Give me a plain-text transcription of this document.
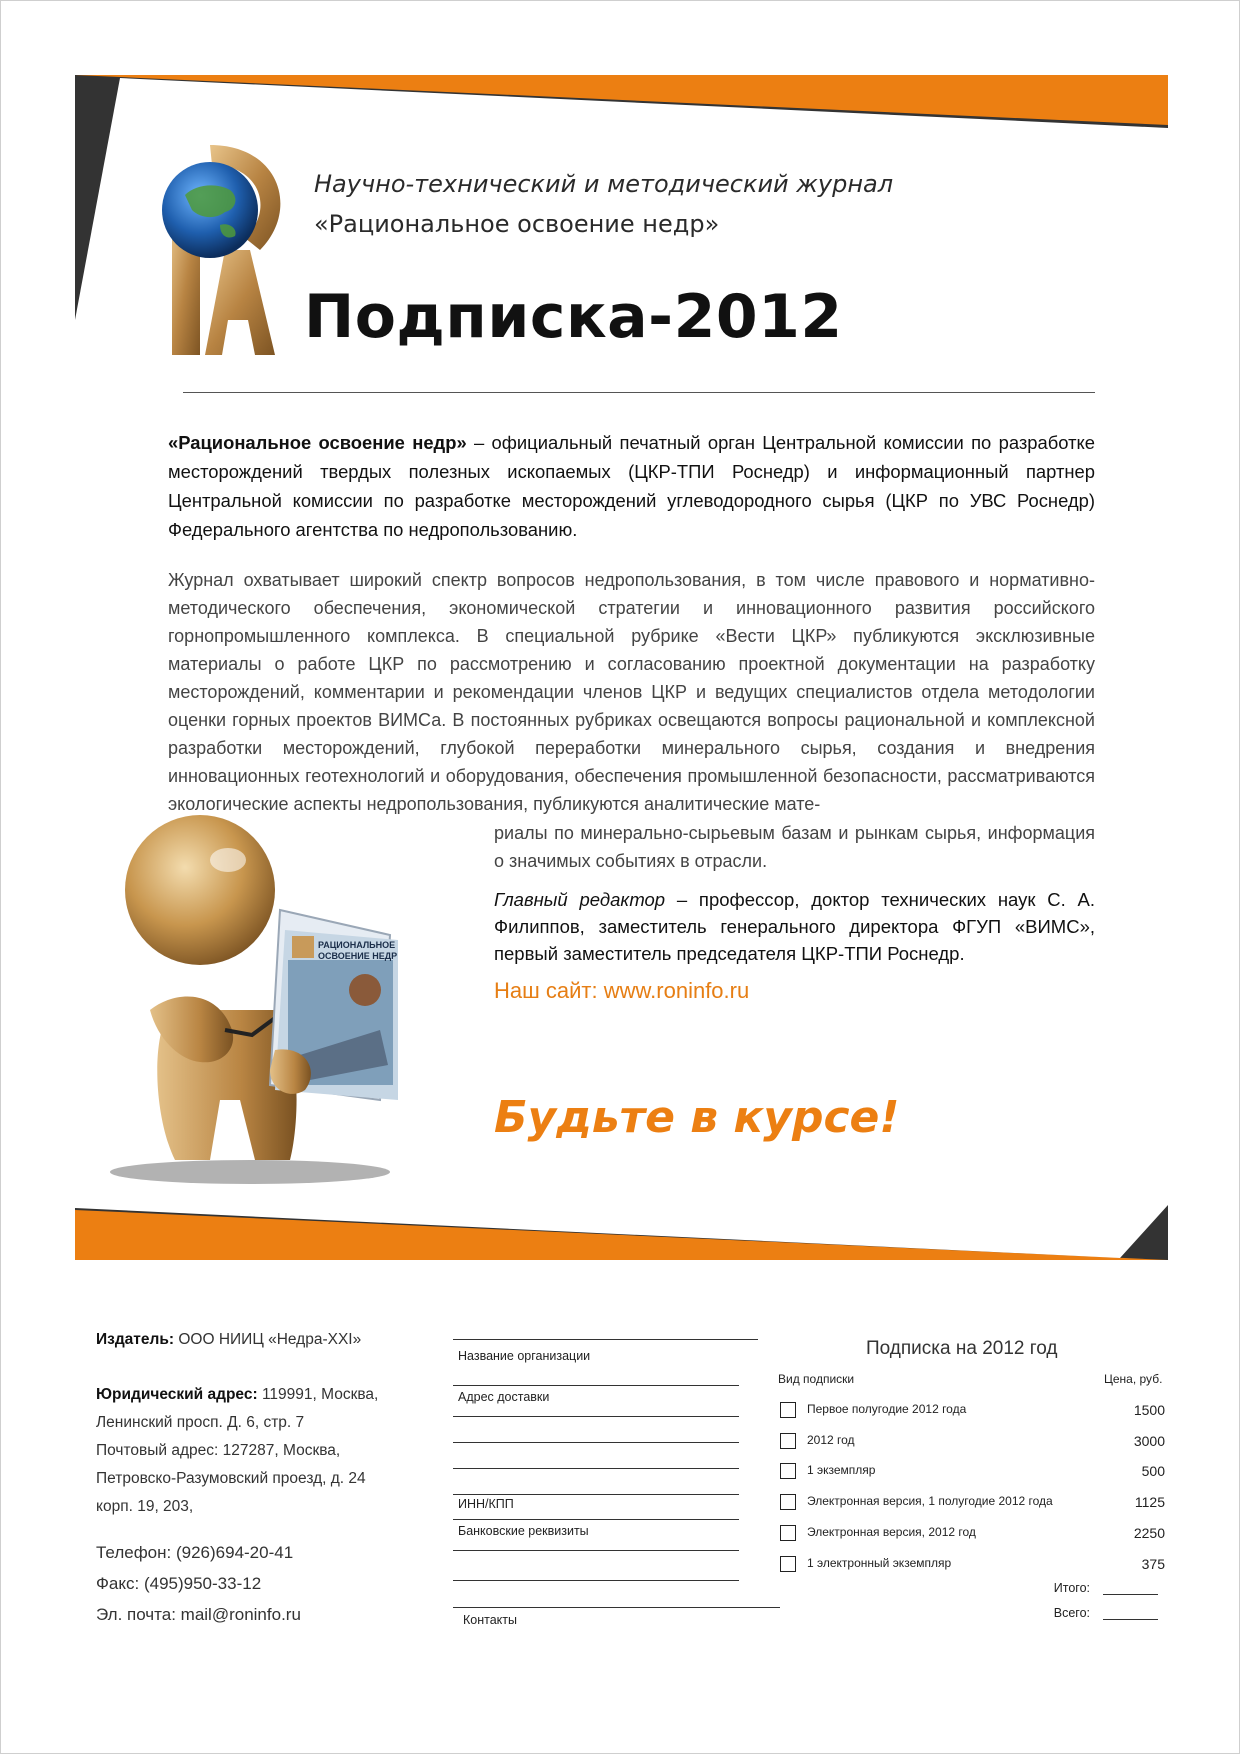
Научно-технический и методический журнал
«Рациональное освоение недр»
Подписка-2012
«Рациональное освоение недр» – официальный печатный орган Центральной комиссии по разработке месторождений твердых полезных ископаемых (ЦКР-ТПИ Роснедр) и информационный партнер Центральной комиссии по разработке месторождений углеводородного сырья (ЦКР по УВС Роснедр) Федерального агентства по недропользованию.
Журнал охватывает широкий спектр вопросов недропользования, в том числе правового и нормативно-методического обеспечения, экономической стратегии и инновационного развития российского горнопромышленного комплекса. В специальной рубрике «Вести ЦКР» публикуются эксклюзивные материалы о работе ЦКР по рассмотрению и согласованию проектной документации на разработку месторождений, комментарии и рекомендации членов ЦКР и ведущих специалистов отдела методологии оценки горных проектов ВИМСа. В постоянных рубриках освещаются вопросы рациональной и комплексной разработки месторождений, глубокой переработки минерального сырья, создания и внедрения инновационных геотехнологий и оборудования, обеспечения промышленной безопасности, рассматриваются экологические аспекты недропользования, публикуются аналитические мате-
риалы по минерально-сырьевым базам и рынкам сырья, информация о значимых событиях в отрасли.
Главный редактор – профессор, доктор технических наук С. А. Филиппов, заместитель генерального директора ФГУП «ВИМС», первый заместитель председателя ЦКР-ТПИ Роснедр.
Наш сайт: www.roninfo.ru
РАЦИОНАЛЬНОЕ
ОСВОЕНИЕ НЕДР
Будьте в курсе!
Издатель: ООО НИИЦ «Недра-XXI»
Юридический адрес: 119991, Москва,
Ленинский просп. Д. 6, стр. 7
Почтовый адрес: 127287, Москва,
Петровско-Разумовский проезд, д. 24
корп. 19, 203,
Телефон: (926)694-20-41
Факс: (495)950-33-12
Эл. почта: mail@roninfo.ru
Название организации
Адрес доставки
ИНН/КПП
Банковские реквизиты
Контакты
Подписка на 2012 год
Вид подписки	Цена, руб.
Первое полугодие 2012 года	1500
2012 год	3000
1 экземпляр	500
Электронная версия, 1 полугодие 2012 года	1125
Электронная версия, 2012 год	2250
1 электронный экземпляр	375
Итого:
Всего:
